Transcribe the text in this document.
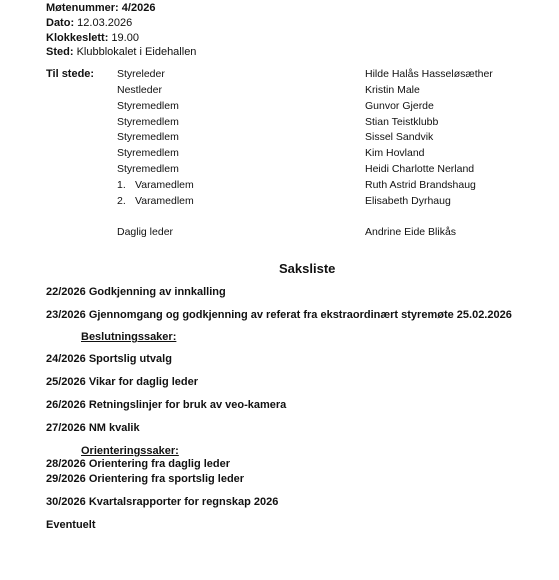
Møtenummer: 4/2026
Dato: 12.03.2026
Klokkeslett: 19.00
Sted: Klubblokalet i Eidehallen
Til stede: Styreleder	Hilde Halås Hasseløsæther
Nestleder	Kristin Male
Styremedlem	Gunvor Gjerde
Styremedlem	Stian Teistklubb
Styremedlem	Sissel Sandvik
Styremedlem	Kim Hovland
Styremedlem	Heidi Charlotte Nerland
1. Varamedlem	Ruth Astrid Brandshaug
2. Varamedlem	Elisabeth Dyrhaug
Daglig leder	Andrine Eide Blikås
Saksliste
22/2026 Godkjenning av innkalling
23/2026 Gjennomgang og godkjenning av referat fra ekstraordinært styremøte 25.02.2026
Beslutningssaker:
24/2026 Sportslig utvalg
25/2026 Vikar for daglig leder
26/2026 Retningslinjer for bruk av veo-kamera
27/2026 NM kvalik
Orienteringssaker:
28/2026 Orientering fra daglig leder
29/2026 Orientering fra sportslig leder
30/2026 Kvartalsrapporter for regnskap 2026
Eventuelt
